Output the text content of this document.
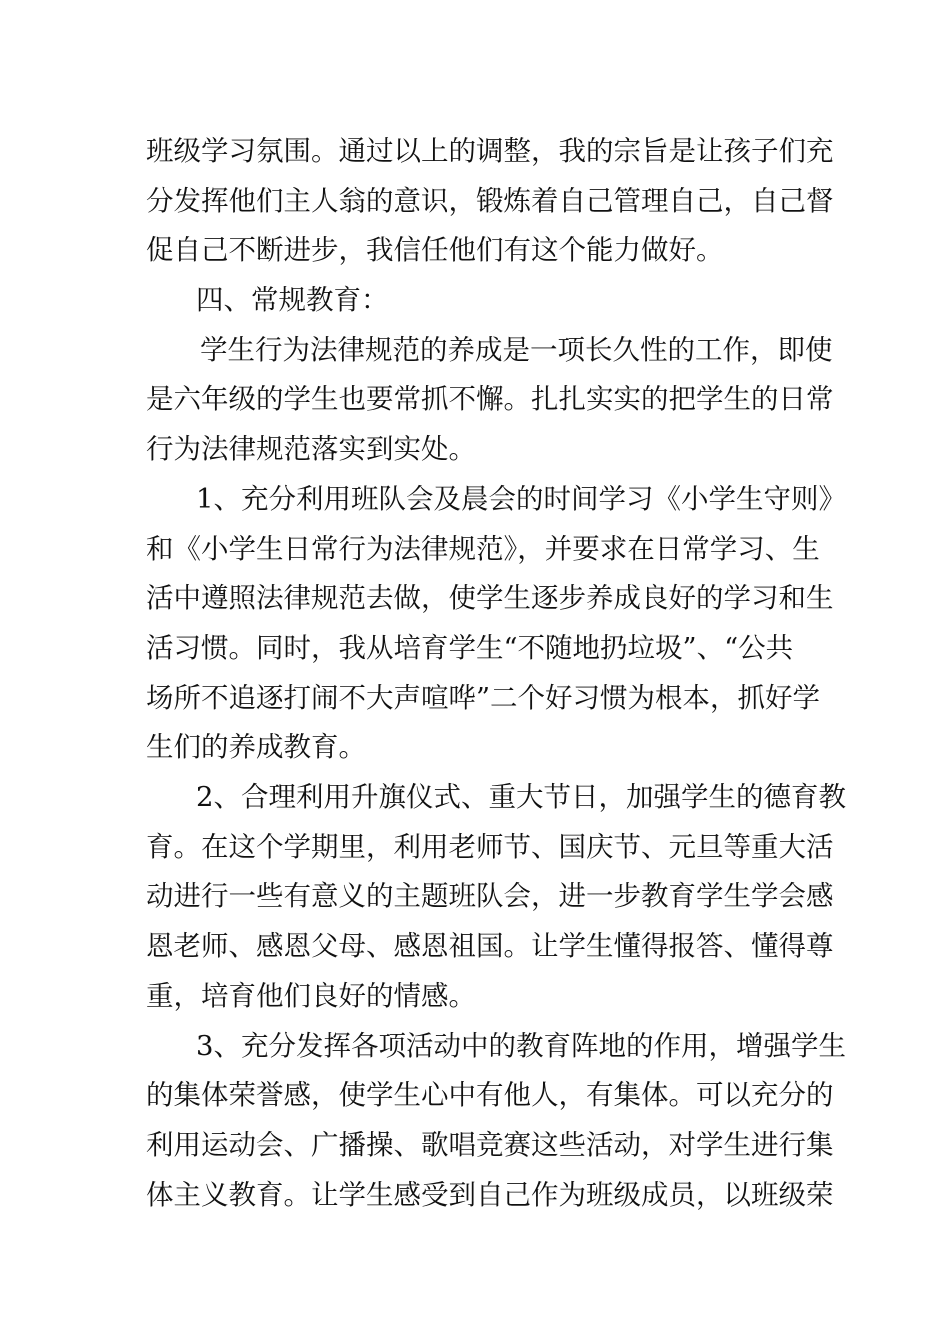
班级学习氛围。通过以上的调整，我的宗旨是让孩子们充
分发挥他们主人翁的意识，锻炼着自己管理自己，自己督
促自己不断进步，我信任他们有这个能力做好。
四、常规教育：
学生行为法律规范的养成是一项长久性的工作，即使
是六年级的学生也要常抓不懈。扎扎实实的把学生的日常
行为法律规范落实到实处。
1、充分利用班队会及晨会的时间学习《小学生守则》
和《小学生日常行为法律规范》，并要求在日常学习、生
活中遵照法律规范去做，使学生逐步养成良好的学习和生
活习惯。同时，我从培育学生“不随地扔垃圾”、“公共
场所不追逐打闹不大声喧哗”二个好习惯为根本，抓好学
生们的养成教育。
2、合理利用升旗仪式、重大节日，加强学生的德育教
育。在这个学期里，利用老师节、国庆节、元旦等重大活
动进行一些有意义的主题班队会，进一步教育学生学会感
恩老师、感恩父母、感恩祖国。让学生懂得报答、懂得尊
重，培育他们良好的情感。
3、充分发挥各项活动中的教育阵地的作用，增强学生
的集体荣誉感，使学生心中有他人，有集体。可以充分的
利用运动会、广播操、歌唱竞赛这些活动，对学生进行集
体主义教育。让学生感受到自己作为班级成员，以班级荣
